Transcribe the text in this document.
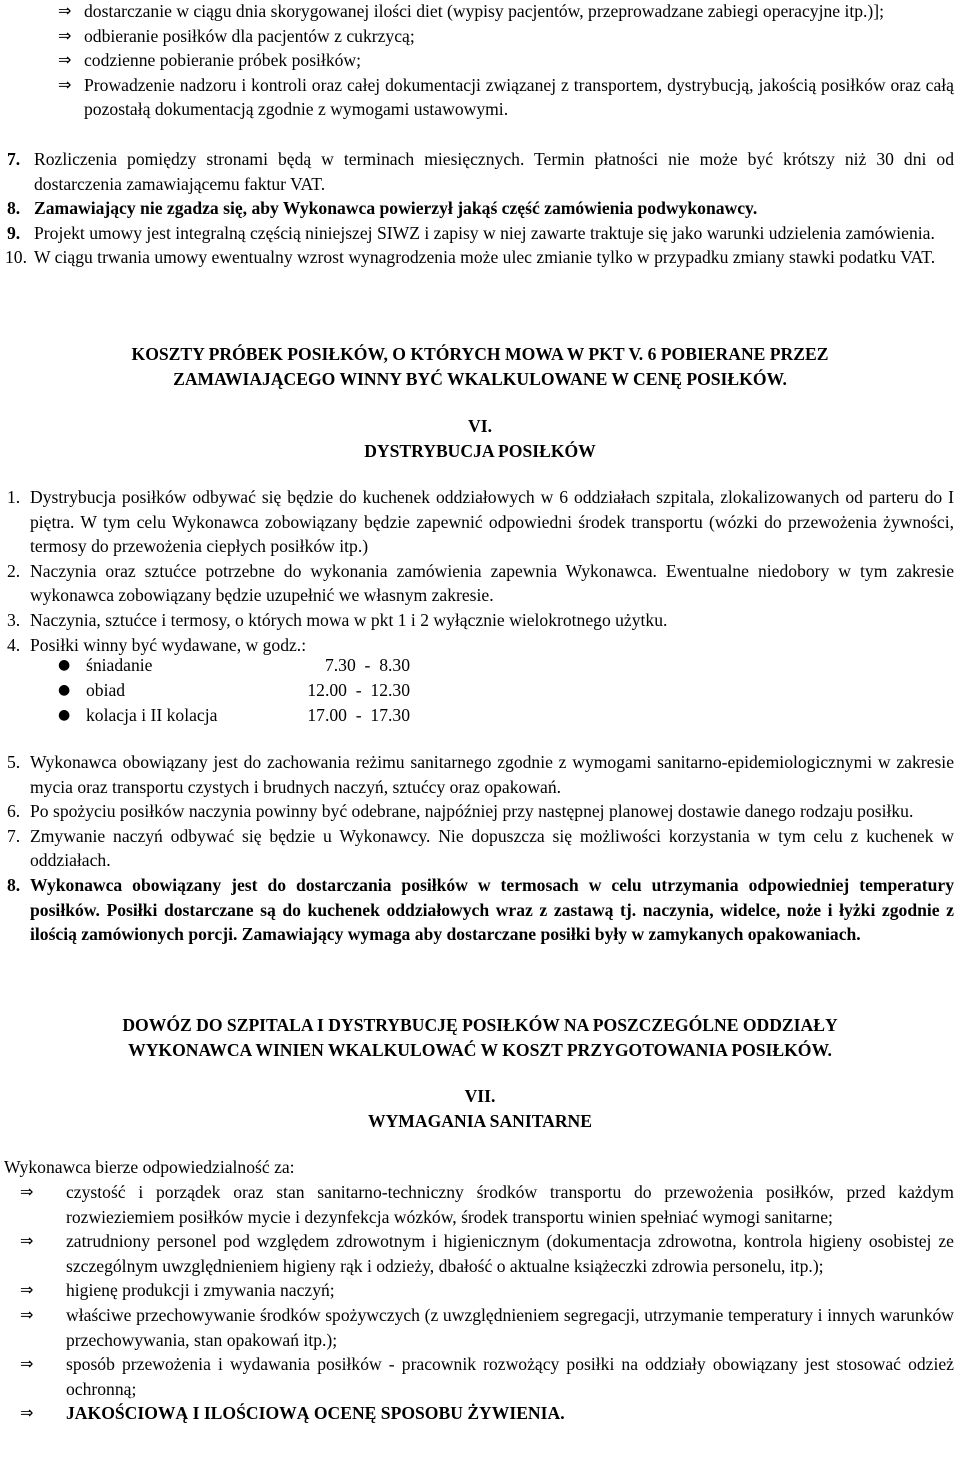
⇒ dostarczanie w ciągu dnia skorygowanej ilości diet (wypisy pacjentów, przeprowadzane zabiegi operacyjne itp.)];

⇒ odbieranie posiłków dla pacjentów z cukrzycą;

⇒ codzienne pobieranie próbek posiłków;

⇒ Prowadzenie nadzoru i kontroli oraz całej dokumentacji związanej z transportem, dystrybucją, jakością posiłków oraz całą pozostałą dokumentacją zgodnie z wymogami ustawowymi.

7. Rozliczenia pomiędzy stronami będą w terminach miesięcznych. Termin płatności nie może być krótszy niż 30 dni od dostarczenia zamawiającemu faktur VAT.

8. Zamawiający nie zgadza się, aby Wykonawca powierzył jakąś część zamówienia podwykonawcy.

9. Projekt umowy jest integralną częścią niniejszej SIWZ i zapisy w niej zawarte traktuje się jako warunki udzielenia zamówienia.

10. W ciągu trwania umowy ewentualny wzrost wynagrodzenia może ulec zmianie tylko w przypadku zmiany stawki podatku VAT.

KOSZTY PRÓBEK POSIŁKÓW, O KTÓRYCH MOWA W PKT V. 6 POBIERANE PRZEZ

ZAMAWIAJĄCEGO WINNY BYĆ WKALKULOWANE W CENĘ POSIŁKÓW.

VI.

DYSTRYBUCJA POSIŁKÓW

1. Dystrybucja posiłków odbywać się będzie do kuchenek oddziałowych w 6 oddziałach szpitala, zlokalizowanych od parteru do I piętra. W tym celu Wykonawca zobowiązany będzie zapewnić odpowiedni środek transportu (wózki do przewożenia żywności, termosy do przewożenia ciepłych posiłków itp.)

2. Naczynia oraz sztućce potrzebne do wykonania zamówienia zapewnia Wykonawca. Ewentualne niedobory w tym zakresie wykonawca zobowiązany będzie uzupełnić we własnym zakresie.

3. Naczynia, sztućce i termosy, o których mowa w pkt 1 i 2 wyłącznie wielokrotnego użytku.

4. Posiłki winny być wydawane, w godz.:

● śniadanie	7.30  -  8.30
● obiad	12.00  -  12.30
● kolacja i II kolacja	17.00  -  17.30
5. Wykonawca obowiązany jest do zachowania reżimu sanitarnego zgodnie z wymogami sanitarno-epidemiologicznymi w zakresie mycia oraz transportu czystych i brudnych naczyń, sztućcy oraz opakowań.

6. Po spożyciu posiłków naczynia powinny być odebrane, najpóźniej przy następnej planowej dostawie danego rodzaju posiłku.

7. Zmywanie naczyń odbywać się będzie u Wykonawcy. Nie dopuszcza się możliwości korzystania w tym celu z kuchenek w oddziałach.

8. Wykonawca obowiązany jest do dostarczania posiłków w termosach w celu utrzymania odpowiedniej temperatury posiłków. Posiłki dostarczane są do kuchenek oddziałowych wraz z zastawą tj. naczynia, widelce, noże i łyżki zgodnie z ilością zamówionych porcji. Zamawiający wymaga aby dostarczane posiłki były w zamykanych opakowaniach.

DOWÓZ DO SZPITALA I DYSTRYBUCJĘ POSIŁKÓW NA POSZCZEGÓLNE ODDZIAŁY

WYKONAWCA WINIEN WKALKULOWAĆ W KOSZT PRZYGOTOWANIA POSIŁKÓW.

VII.

WYMAGANIA SANITARNE

Wykonawca bierze odpowiedzialność za:

⇒ czystość i porządek oraz stan sanitarno-techniczny środków transportu do przewożenia posiłków, przed każdym rozwieziemiem posiłków mycie i dezynfekcja wózków, środek transportu winien spełniać wymogi sanitarne;

⇒ zatrudniony personel pod względem zdrowotnym i higienicznym (dokumentacja zdrowotna, kontrola higieny osobistej ze szczególnym uwzględnieniem higieny rąk i odzieży, dbałość o aktualne książeczki zdrowia personelu, itp.);

⇒ higienę produkcji i zmywania naczyń;

⇒ właściwe przechowywanie środków spożywczych (z uwzględnieniem segregacji, utrzymanie temperatury i innych warunków przechowywania, stan opakowań itp.);

⇒ sposób przewożenia i wydawania posiłków - pracownik rozwożący posiłki na oddziały obowiązany jest stosować odzież ochronną;

⇒ JAKOŚCIOWĄ I ILOŚCIOWĄ OCENĘ SPOSOBU ŻYWIENIA.
